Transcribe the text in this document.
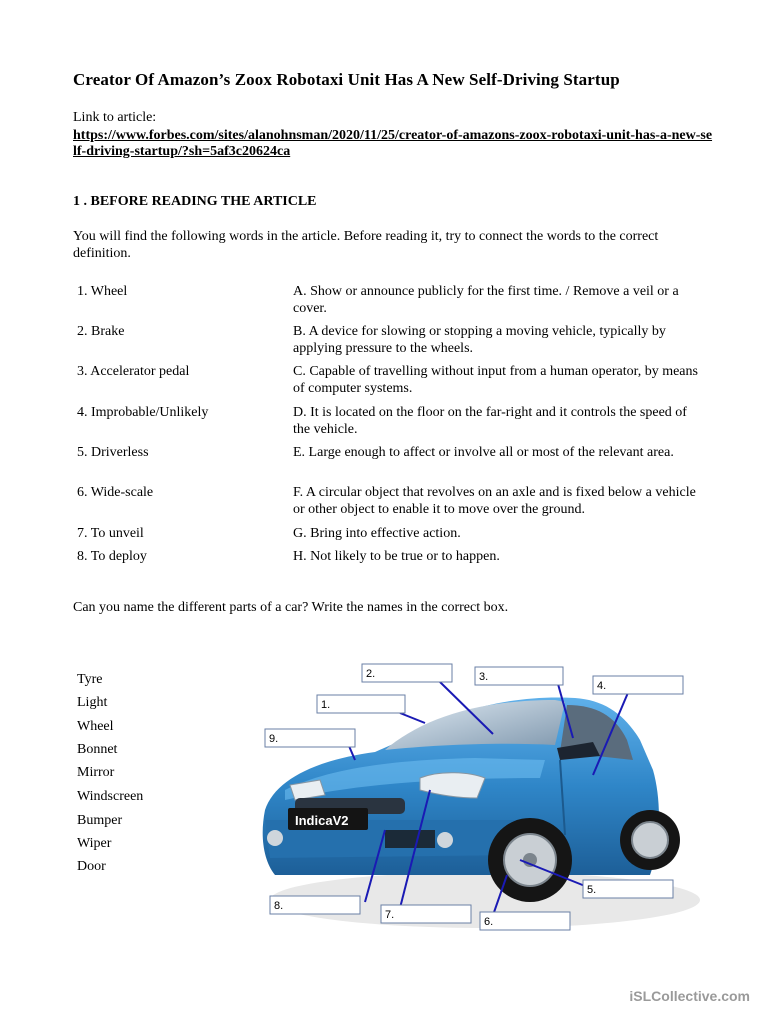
Creator Of Amazon’s Zoox Robotaxi Unit Has A New Self-Driving Startup
Link to article:
https://www.forbes.com/sites/alanohnsman/2020/11/25/creator-of-amazons-zoox-robotaxi-unit-has-a-new-self-driving-startup/?sh=5af3c20624ca
1 . BEFORE READING THE ARTICLE
You will find the following words in the article. Before reading it, try to connect the words to the correct definition.
1. Wheel	A. Show or announce publicly for the first time. / Remove a veil or a cover.
2. Brake	B. A device for slowing or stopping a moving vehicle, typically by applying pressure to the wheels.
3. Accelerator pedal	C. Capable of travelling without input from a human operator, by means of computer systems.
4. Improbable/Unlikely	D. It is located on the floor on the far-right and it controls the speed of the vehicle.
5. Driverless	E. Large enough to affect or involve all or most of the relevant area.
6. Wide-scale	F. A circular object that revolves on an axle and is fixed below a vehicle or other object to enable it to move over the ground.
7. To unveil	G. Bring into effective action.
8. To deploy	H. Not likely to be true or to happen.
Can you name the different parts of a car? Write the names in the correct box.
Tyre
Light
Wheel
Bonnet
Mirror
Windscreen
Bumper
Wiper
Door
IndicaV2
1.
2.	3.
4.
5.
6.
7.
8.
9.
iSLCollective.com
